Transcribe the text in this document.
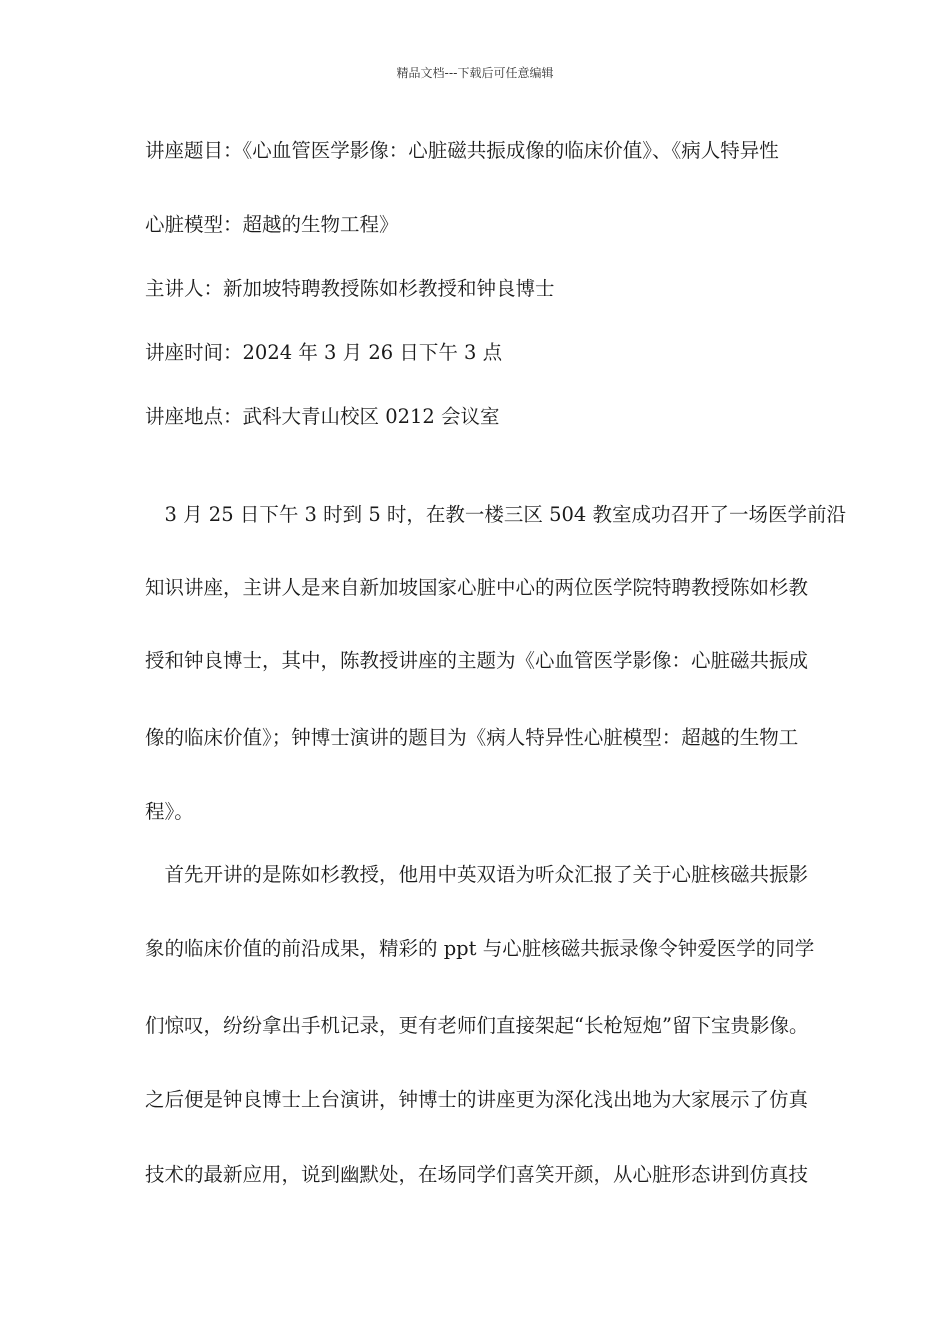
精品文档---下载后可任意编辑
讲座题目：《心血管医学影像：心脏磁共振成像的临床价值》、《病人特异性
心脏模型：超越的生物工程》
主讲人：新加坡特聘教授陈如杉教授和钟良博士
讲座时间：2024 年 3 月 26 日下午 3 点
讲座地点：武科大青山校区 0212 会议室
　3 月 25 日下午 3 时到 5 时，在教一楼三区 504 教室成功召开了一场医学前沿
知识讲座，主讲人是来自新加坡国家心脏中心的两位医学院特聘教授陈如杉教
授和钟良博士，其中，陈教授讲座的主题为《心血管医学影像：心脏磁共振成
像的临床价值》；钟博士演讲的题目为《病人特异性心脏模型：超越的生物工
程》。
　首先开讲的是陈如杉教授，他用中英双语为听众汇报了关于心脏核磁共振影
象的临床价值的前沿成果，精彩的 ppt 与心脏核磁共振录像令钟爱医学的同学
们惊叹，纷纷拿出手机记录，更有老师们直接架起“长枪短炮”留下宝贵影像。
之后便是钟良博士上台演讲，钟博士的讲座更为深化浅出地为大家展示了仿真
技术的最新应用，说到幽默处，在场同学们喜笑开颜，从心脏形态讲到仿真技
